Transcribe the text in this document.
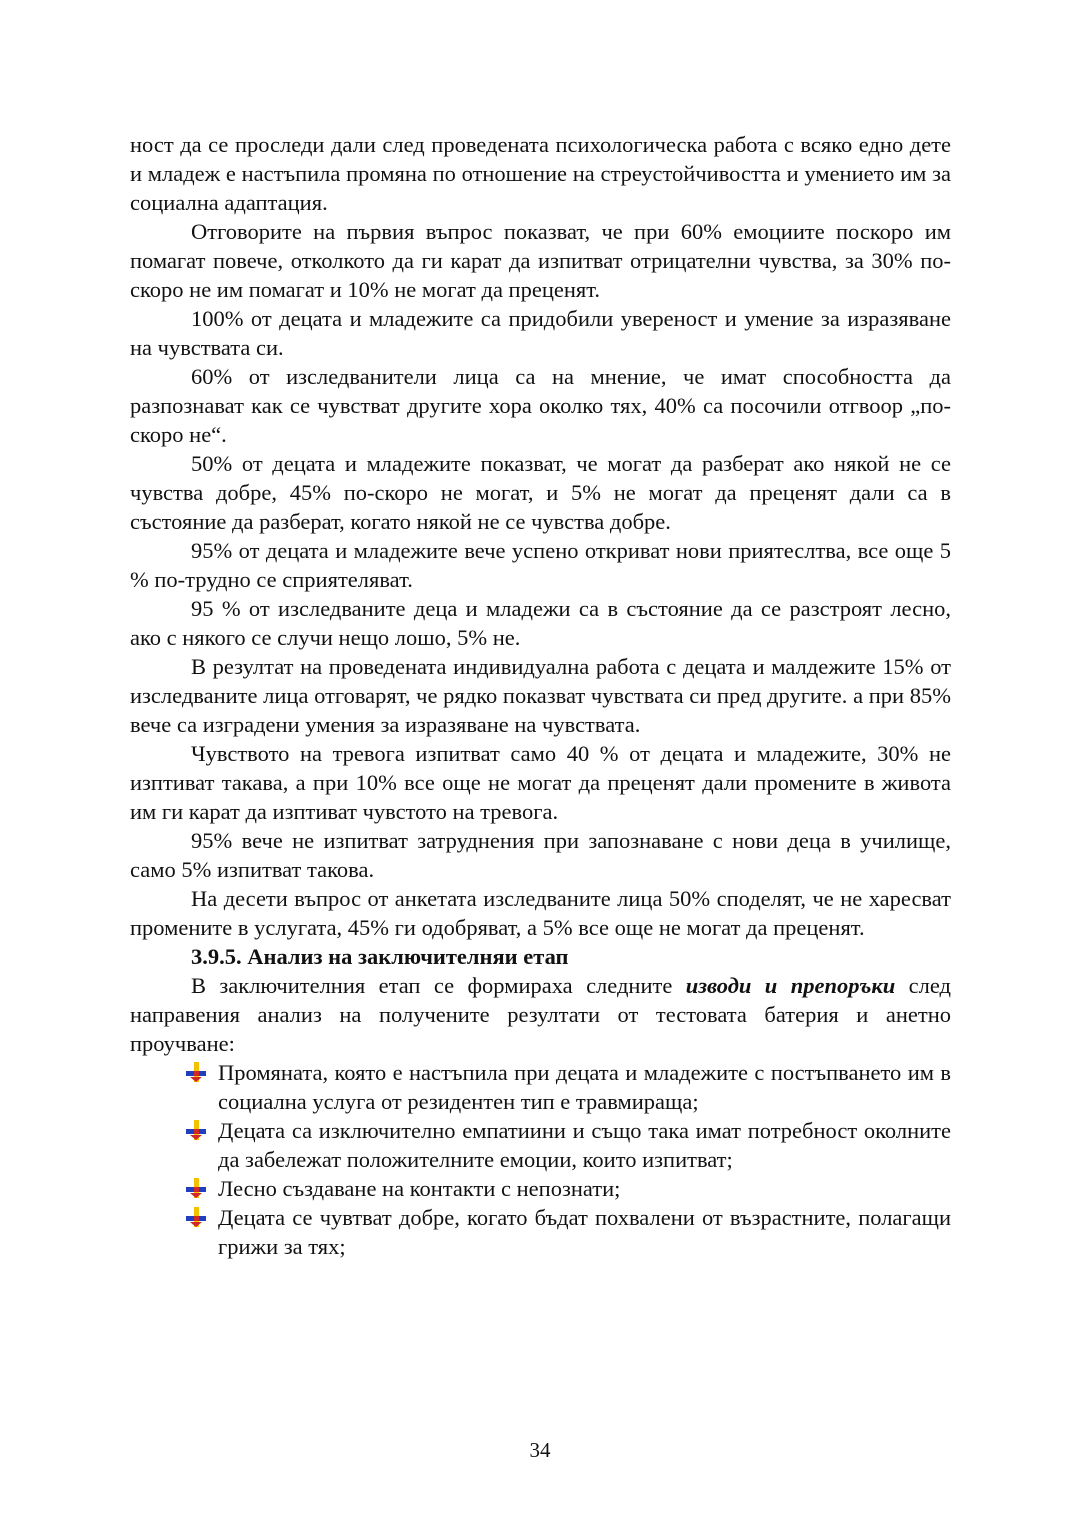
ност да се проследи дали след проведената психологическа работа с всяко едно дете и младеж е настъпила промяна по отношение на стреустойчивостта и умението им за социална адаптация.

Отговорите на първия въпрос показват, че при 60% емоциите поскоро им помагат повече, отколкото да ги карат да изпитват отрицателни чувства, за 30% по-скоро не им помагат и 10% не могат да преценят.

100% от децата и младежите са придобили увереност и умение за изразяване на чувствата си.

60% от изследванители лица са на мнение, че имат способността да разпознават как се чувстват другите хора околко тях, 40% са посочили отгвоор „по-скоро не“.

50% от децата и младежите показват, че могат да разберат ако някой не се чувства добре, 45% по-скоро не могат, и 5% не могат да преценят дали са в състояние да разберат, когато някой не се чувства добре.

95% от децата и младежите вече успено откриват нови приятеслтва, все още 5 % по-трудно се сприятеляват.

95 % от изследваните деца и младежи са в състояние да се разстроят лесно, ако с някого се случи нещо лошо, 5% не.

В резултат на проведената индивидуална работа с децата и малдежите 15% от изследваните лица отговарят, че рядко показват чувствата си пред другите. а при 85% вече са изградени умения за изразяване на чувствата.

Чувството на тревога изпитват само 40 % от децата и младежите, 30% не изптиват такава, а при 10% все още не могат да преценят дали промените в живота им ги карат да изптиват чувстото на тревога.

95% вече не изпитват затруднения при запознаване с нови деца в училище, само 5% изпитват такова.

На десети въпрос от анкетата изследваните лица 50% споделят, че не харесват промените в услугата, 45% ги одобряват, а 5% все още не могат да преценят.

3.9.5. Анализ на заключителняи етап

В заключителния етап се формираха следните изводи и препоръки след направения анализ на получените резултати от тестовата батерия и анетно проучване:

Промяната, която е настъпила при децата и младежите с постъпването им в социална услуга от резидентен тип е травмираща;
Децата са изключително емпатиини и също така имат потребност околните да забележат положителните емоции, които изпитват;
Лесно създаване на контакти с непознати;
Децата се чувтват добре, когато бъдат похвалени от възрастните, полагащи грижи за тях;
34
